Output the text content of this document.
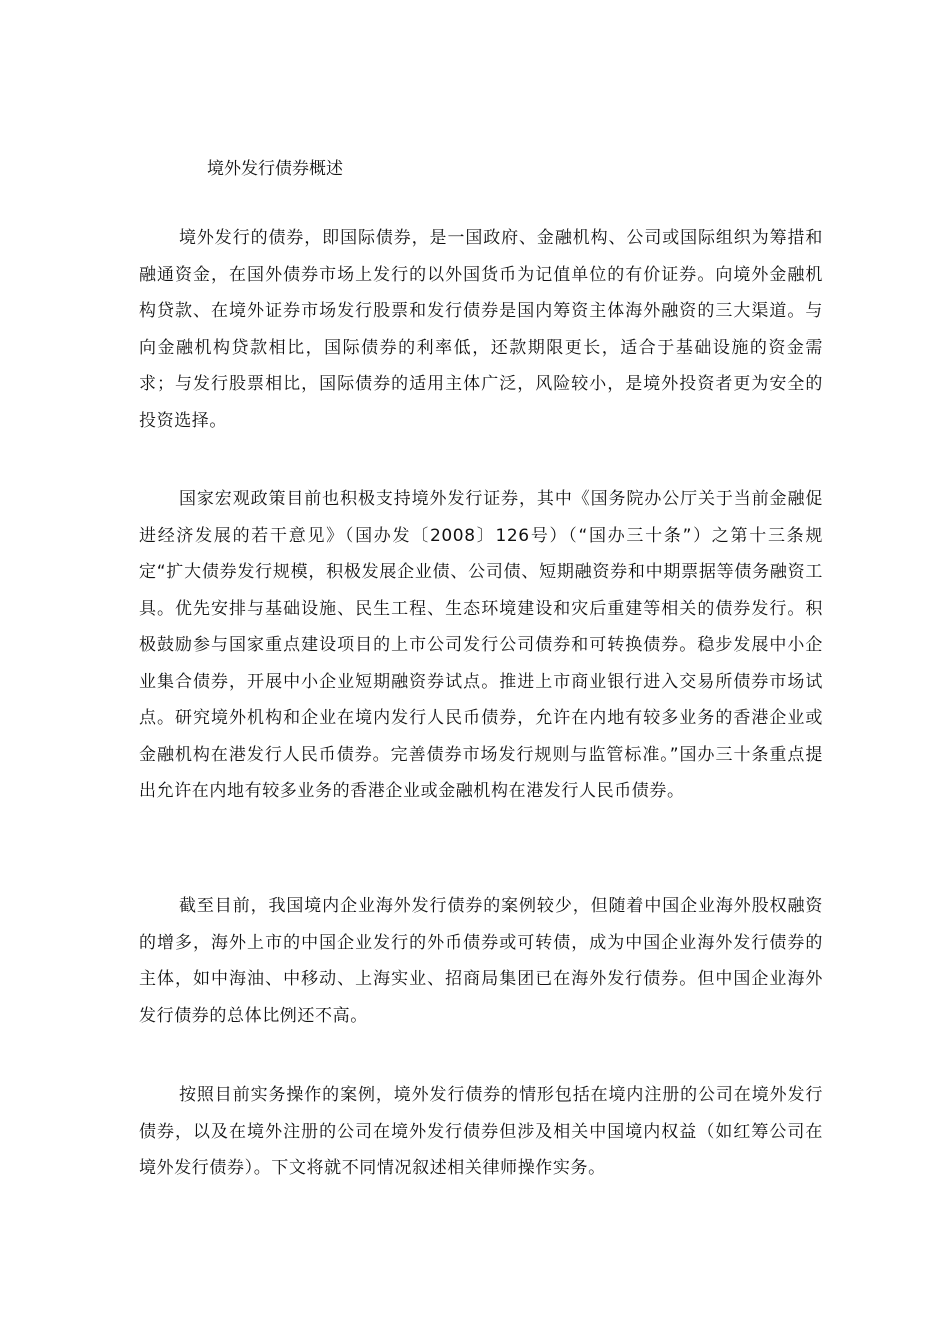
境外发行债券概述

境外发行的债券，即国际债券，是一国政府、金融机构、公司或国际组织为筹措和融通资金，在国外债券市场上发行的以外国货币为记值单位的有价证券。向境外金融机构贷款、在境外证券市场发行股票和发行债券是国内筹资主体海外融资的三大渠道。与向金融机构贷款相比，国际债券的利率低，还款期限更长，适合于基础设施的资金需求；与发行股票相比，国际债券的适用主体广泛，风险较小，是境外投资者更为安全的投资选择。

国家宏观政策目前也积极支持境外发行证券，其中《国务院办公厅关于当前金融促进经济发展的若干意见》（国办发〔2008〕126号）（“国办三十条”）之第十三条规定“扩大债券发行规模，积极发展企业债、公司债、短期融资券和中期票据等债务融资工具。优先安排与基础设施、民生工程、生态环境建设和灾后重建等相关的债券发行。积极鼓励参与国家重点建设项目的上市公司发行公司债券和可转换债券。稳步发展中小企业集合债券，开展中小企业短期融资券试点。推进上市商业银行进入交易所债券市场试点。研究境外机构和企业在境内发行人民币债券，允许在内地有较多业务的香港企业或金融机构在港发行人民币债券。完善债券市场发行规则与监管标准。”国办三十条重点提出允许在内地有较多业务的香港企业或金融机构在港发行人民币债券。

截至目前，我国境内企业海外发行债券的案例较少，但随着中国企业海外股权融资的增多，海外上市的中国企业发行的外币债券或可转债，成为中国企业海外发行债券的主体，如中海油、中移动、上海实业、招商局集团已在海外发行债券。但中国企业海外发行债券的总体比例还不高。

按照目前实务操作的案例，境外发行债券的情形包括在境内注册的公司在境外发行债券，以及在境外注册的公司在境外发行债券但涉及相关中国境内权益（如红筹公司在境外发行债券）。下文将就不同情况叙述相关律师操作实务。
